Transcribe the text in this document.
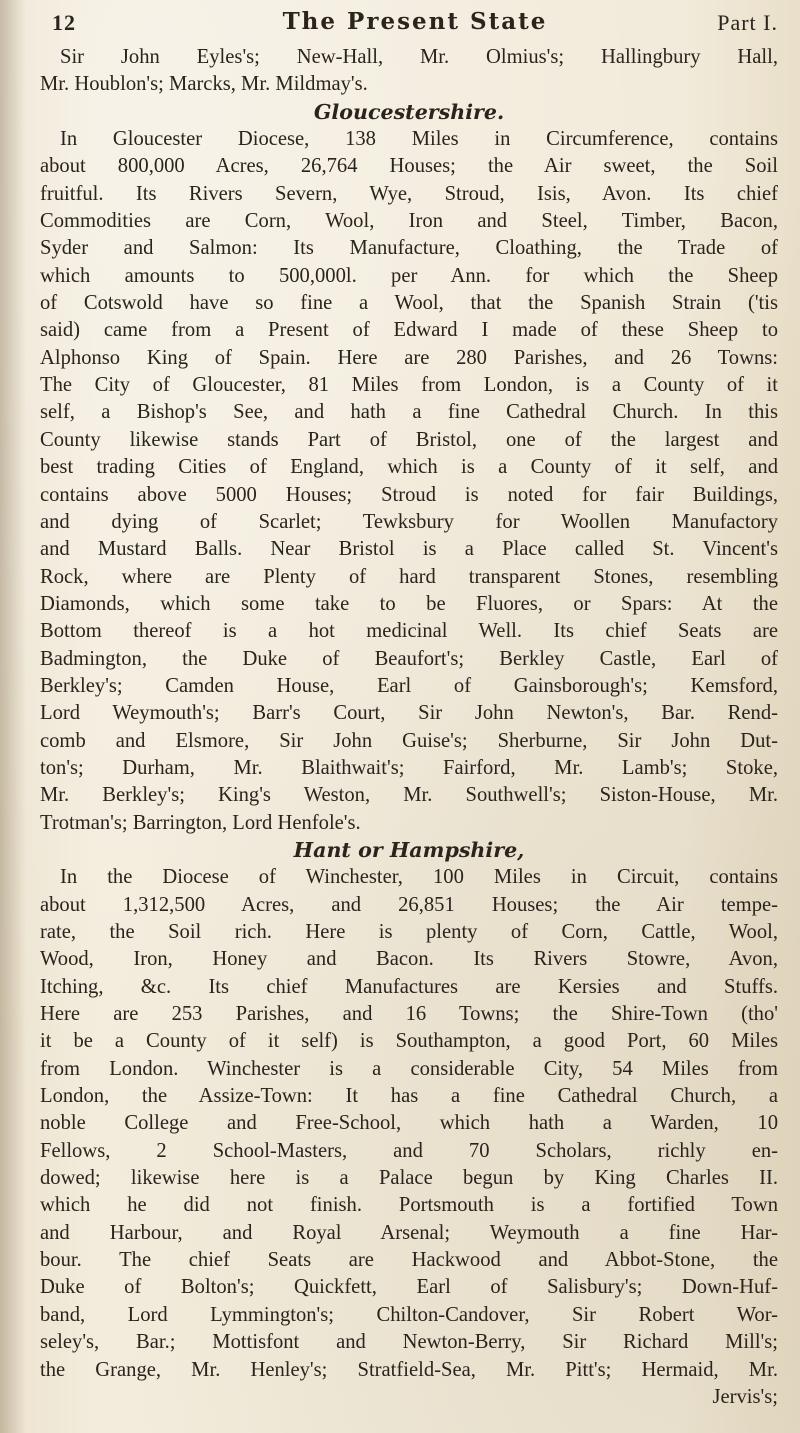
12	The Present State	Part I.
Sir John Eyles's; New-Hall, Mr. Olmius's; Hallingbury Hall,
Mr. Houblon's; Marcks, Mr. Mildmay's.
Gloucestershire.
In Gloucester Diocese, 138 Miles in Circumference, contains
about 800,000 Acres, 26,764 Houses; the Air sweet, the Soil
fruitful. Its Rivers Severn, Wye, Stroud, Isis, Avon. Its chief
Commodities are Corn, Wool, Iron and Steel, Timber, Bacon,
Syder and Salmon: Its Manufacture, Cloathing, the Trade of
which amounts to 500,000l. per Ann. for which the Sheep
of Cotswold have so fine a Wool, that the Spanish Strain ('tis
said) came from a Present of Edward I made of these Sheep to
Alphonso King of Spain. Here are 280 Parishes, and 26 Towns:
The City of Gloucester, 81 Miles from London, is a County of it
self, a Bishop's See, and hath a fine Cathedral Church. In this
County likewise stands Part of Bristol, one of the largest and
best trading Cities of England, which is a County of it self, and
contains above 5000 Houses; Stroud is noted for fair Buildings,
and dying of Scarlet; Tewksbury for Woollen Manufactory
and Mustard Balls. Near Bristol is a Place called St. Vincent's
Rock, where are Plenty of hard transparent Stones, resembling
Diamonds, which some take to be Fluores, or Spars: At the
Bottom thereof is a hot medicinal Well. Its chief Seats are
Badmington, the Duke of Beaufort's; Berkley Castle, Earl of
Berkley's; Camden House, Earl of Gainsborough's; Kemsford,
Lord Weymouth's; Barr's Court, Sir John Newton's, Bar. Rend-
comb and Elsmore, Sir John Guise's; Sherburne, Sir John Dut-
ton's; Durham, Mr. Blaithwait's; Fairford, Mr. Lamb's; Stoke,
Mr. Berkley's; King's Weston, Mr. Southwell's; Siston-House, Mr.
Trotman's; Barrington, Lord Henfole's.
Hant or Hampshire,
In the Diocese of Winchester, 100 Miles in Circuit, contains
about 1,312,500 Acres, and 26,851 Houses; the Air tempe-
rate, the Soil rich. Here is plenty of Corn, Cattle, Wool,
Wood, Iron, Honey and Bacon. Its Rivers Stowre, Avon,
Itching, &c. Its chief Manufactures are Kersies and Stuffs.
Here are 253 Parishes, and 16 Towns; the Shire-Town (tho'
it be a County of it self) is Southampton, a good Port, 60 Miles
from London. Winchester is a considerable City, 54 Miles from
London, the Assize-Town: It has a fine Cathedral Church, a
noble College and Free-School, which hath a Warden, 10
Fellows, 2 School-Masters, and 70 Scholars, richly en-
dowed; likewise here is a Palace begun by King Charles II.
which he did not finish. Portsmouth is a fortified Town
and Harbour, and Royal Arsenal; Weymouth a fine Har-
bour. The chief Seats are Hackwood and Abbot-Stone, the
Duke of Bolton's; Quickfett, Earl of Salisbury's; Down-Huf-
band, Lord Lymmington's; Chilton-Candover, Sir Robert Wor-
seley's, Bar.; Mottisfont and Newton-Berry, Sir Richard Mill's;
the Grange, Mr. Henley's; Stratfield-Sea, Mr. Pitt's; Hermaid, Mr.
Jervis's;
